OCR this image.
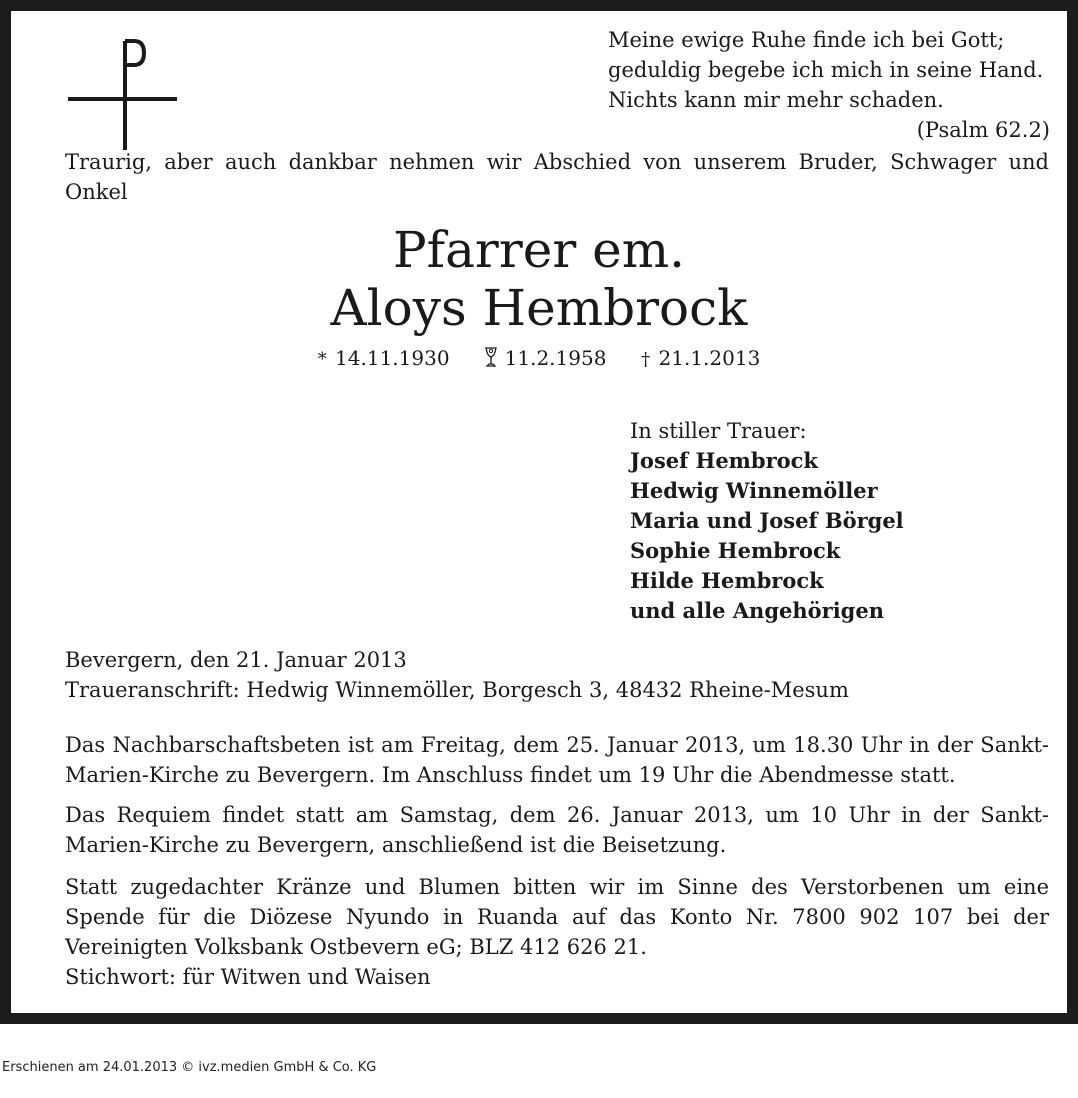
Meine ewige Ruhe finde ich bei Gott;
geduldig begebe ich mich in seine Hand.
Nichts kann mir mehr schaden.
(Psalm 62.2)
Traurig, aber auch dankbar nehmen wir Abschied von unserem Bruder, Schwager und Onkel
Pfarrer em.
Aloys Hembrock
* 14.11.1930	11.2.1958 † 21.1.2013
In stiller Trauer:
Josef Hembrock
Hedwig Winnemöller
Maria und Josef Börgel
Sophie Hembrock
Hilde Hembrock
und alle Angehörigen
Bevergern, den 21. Januar 2013
Traueranschrift: Hedwig Winnemöller, Borgesch 3, 48432 Rheine-Mesum
Das Nachbarschaftsbeten ist am Freitag, dem 25. Januar 2013, um 18.30 Uhr in der Sankt-Marien-Kirche zu Bevergern. Im Anschluss findet um 19 Uhr die Abendmesse statt.
Das Requiem findet statt am Samstag, dem 26. Januar 2013, um 10 Uhr in der Sankt-Marien-Kirche zu Bevergern, anschließend ist die Beisetzung.
Statt zugedachter Kränze und Blumen bitten wir im Sinne des Verstorbenen um eine Spende für die Diözese Nyundo in Ruanda auf das Konto Nr. 7800 902 107 bei der Vereinigten Volksbank Ostbevern eG; BLZ 412 626 21.
Stichwort: für Witwen und Waisen
Erschienen am 24.01.2013 © ivz.medien GmbH & Co. KG
